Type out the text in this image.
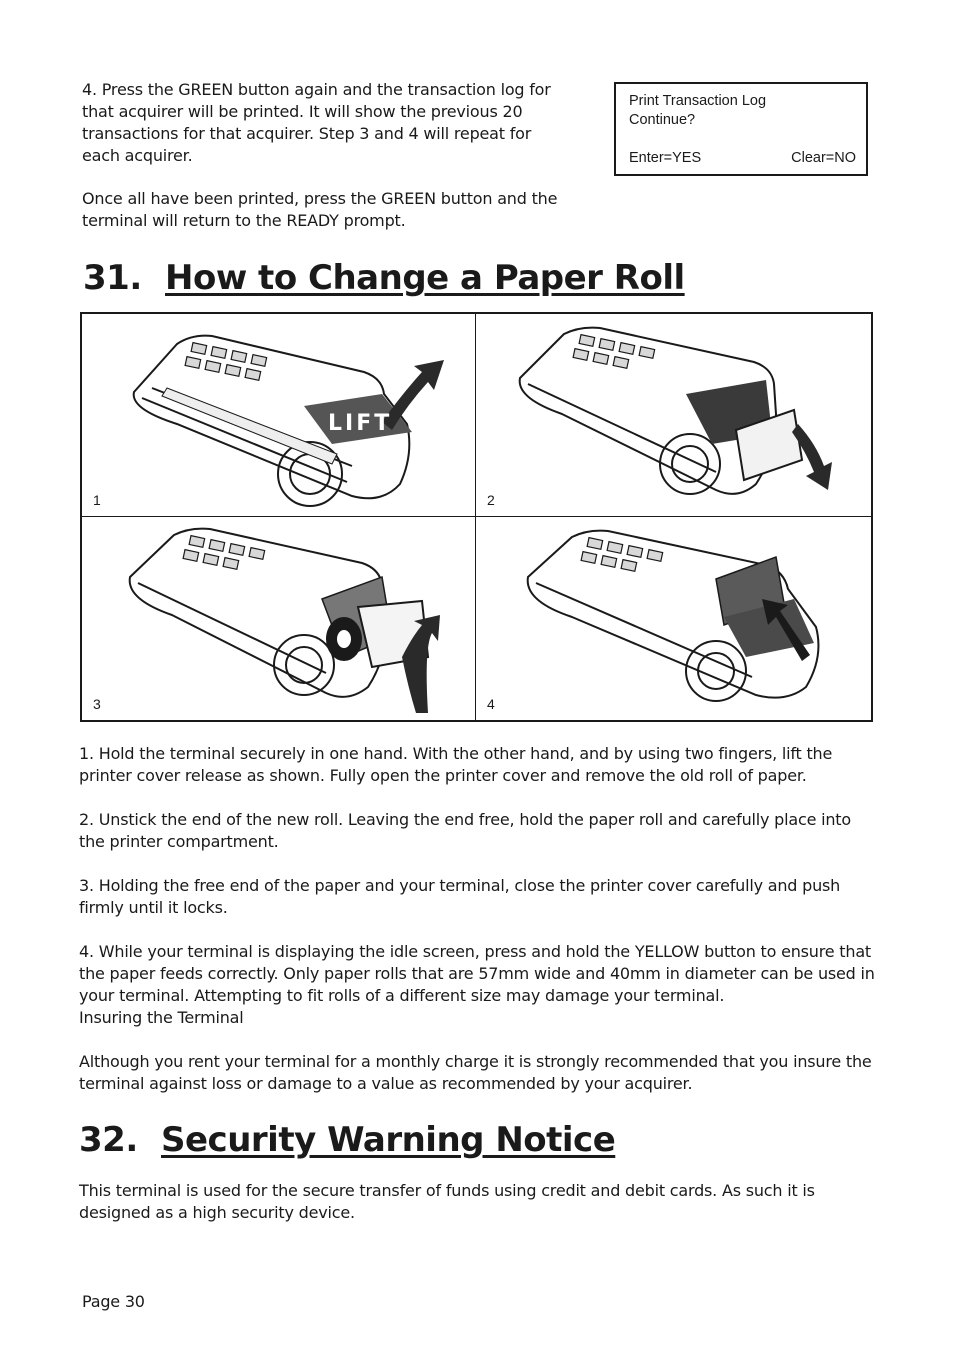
4. Press the GREEN button again and the transaction log for that acquirer will be printed. It will show the previous 20 transactions for that acquirer. Step 3 and 4 will repeat for each acquirer.

Once all have been printed, press the GREEN button and the terminal will return to the READY prompt.

Print Transaction Log
Continue?
Enter=YES	Clear=NO
31. How to Change a Paper Roll
LIFT
1	2
3	4

1. Hold the terminal securely in one hand. With the other hand, and by using two fingers, lift the printer cover release as shown. Fully open the printer cover and remove the old roll of paper.

2. Unstick the end of the new roll. Leaving the end free, hold the paper roll and carefully place into the printer compartment.

3. Holding the free end of the paper and your terminal, close the printer cover carefully and push firmly until it locks.

4. While your terminal is displaying the idle screen, press and hold the YELLOW button to ensure that the paper feeds correctly. Only paper rolls that are 57mm wide and 40mm in diameter can be used in your terminal. Attempting to fit rolls of a different size may damage your terminal.
Insuring the Terminal

Although you rent your terminal for a monthly charge it is strongly recommended that you insure the terminal against loss or damage to a value as recommended by your acquirer.

32. Security Warning Notice

This terminal is used for the secure transfer of funds using credit and debit cards. As such it is designed as a high security device.

Page 30
